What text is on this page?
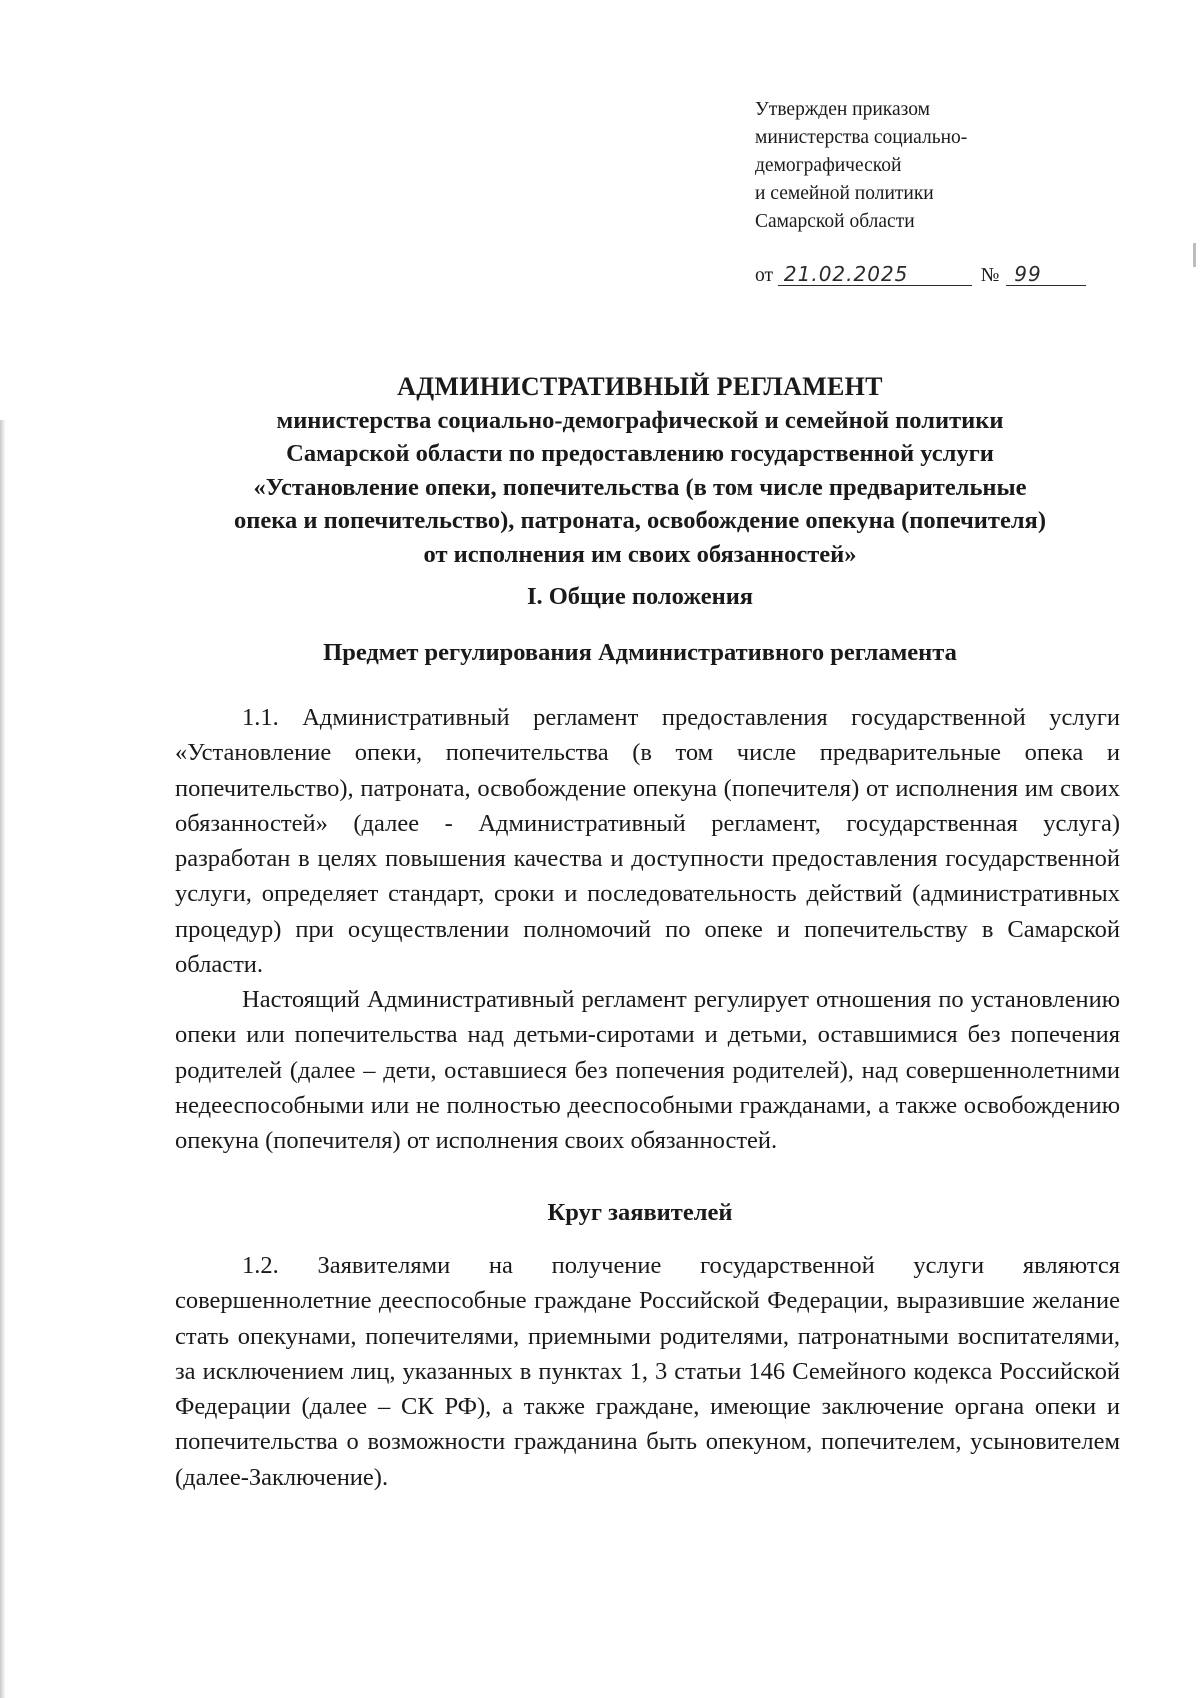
Утвержден приказом
министерства социально-
демографической
и семейной политики
Самарской области
от 21.02.2025	№ 99
АДМИНИСТРАТИВНЫЙ РЕГЛАМЕНТ
министерства социально-демографической и семейной политики
Самарской области по предоставлению государственной услуги
«Установление опеки, попечительства (в том числе предварительные
опека и попечительство), патроната, освобождение опекуна (попечителя)
от исполнения им своих обязанностей»
I. Общие положения
Предмет регулирования Административного регламента
1.1. Административный регламент предоставления государственной услуги «Установление опеки, попечительства (в том числе предварительные опека и попечительство), патроната, освобождение опекуна (попечителя) от исполнения им своих обязанностей» (далее - Административный регламент, государственная услуга) разработан в целях повышения качества и доступности предоставления государственной услуги, определяет стандарт, сроки и последовательность действий (административных процедур) при осуществлении полномочий по опеке и попечительству в Самарской области.
Настоящий Административный регламент регулирует отношения по установлению опеки или попечительства над детьми-сиротами и детьми, оставшимися без попечения родителей (далее – дети, оставшиеся без попечения родителей), над совершеннолетними недееспособными или не полностью дееспособными гражданами, а также освобождению опекуна (попечителя) от исполнения своих обязанностей.
Круг заявителей
1.2. Заявителями на получение государственной услуги являются совершеннолетние дееспособные граждане Российской Федерации, выразившие желание стать опекунами, попечителями, приемными родителями, патронатными воспитателями, за исключением лиц, указанных в пунктах 1, 3 статьи 146 Семейного кодекса Российской Федерации (далее – СК РФ), а также граждане, имеющие заключение органа опеки и попечительства о возможности гражданина быть опекуном, попечителем, усыновителем (далее-Заключение).
